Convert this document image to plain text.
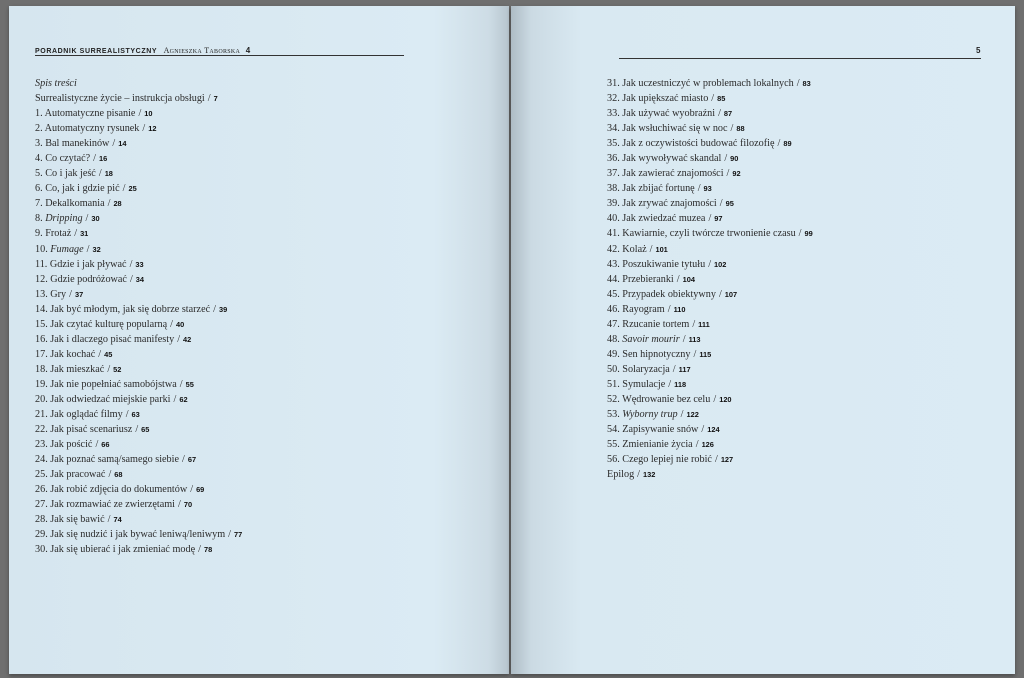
PORADNIK SURREALISTYCZNY Agnieszka Taborska 4	5
Spis treści
Surrealistyczne życie – instrukcja obsługi / 7
1. Automatyczne pisanie / 10
2. Automatyczny rysunek / 12
3. Bal manekinów / 14
4. Co czytać? / 16
5. Co i jak jeść / 18
6. Co, jak i gdzie pić / 25
7. Dekalkomania / 28
8. Dripping / 30
9. Frotaż / 31
10. Fumage / 32
11. Gdzie i jak pływać / 33
12. Gdzie podróżować / 34
13. Gry / 37
14. Jak być młodym, jak się dobrze starzeć / 39
15. Jak czytać kulturę popularną / 40
16. Jak i dlaczego pisać manifesty / 42
17. Jak kochać / 45
18. Jak mieszkać / 52
19. Jak nie popełniać samobójstwa / 55
20. Jak odwiedzać miejskie parki / 62
21. Jak oglądać filmy / 63
22. Jak pisać scenariusz / 65
23. Jak pościć / 66
24. Jak poznać samą/samego siebie / 67
25. Jak pracować / 68
26. Jak robić zdjęcia do dokumentów / 69
27. Jak rozmawiać ze zwierzętami / 70
28. Jak się bawić / 74
29. Jak się nudzić i jak bywać leniwą/leniwym / 77
30. Jak się ubierać i jak zmieniać modę / 78
31. Jak uczestniczyć w problemach lokalnych / 83
32. Jak upiększać miasto / 85
33. Jak używać wyobraźni / 87
34. Jak wsłuchiwać się w noc / 88
35. Jak z oczywistości budować filozofię / 89
36. Jak wywoływać skandal / 90
37. Jak zawierać znajomości / 92
38. Jak zbijać fortunę / 93
39. Jak zrywać znajomości / 95
40. Jak zwiedzać muzea / 97
41. Kawiarnie, czyli twórcze trwonienie czasu / 99
42. Kolaż / 101
43. Poszukiwanie tytułu / 102
44. Przebieranki / 104
45. Przypadek obiektywny / 107
46. Rayogram / 110
47. Rzucanie tortem / 111
48. Savoir mourir / 113
49. Sen hipnotyczny / 115
50. Solaryzacja / 117
51. Symulacje / 118
52. Wędrowanie bez celu / 120
53. Wyborny trup / 122
54. Zapisywanie snów / 124
55. Zmienianie życia / 126
56. Czego lepiej nie robić / 127
Epilog / 132
